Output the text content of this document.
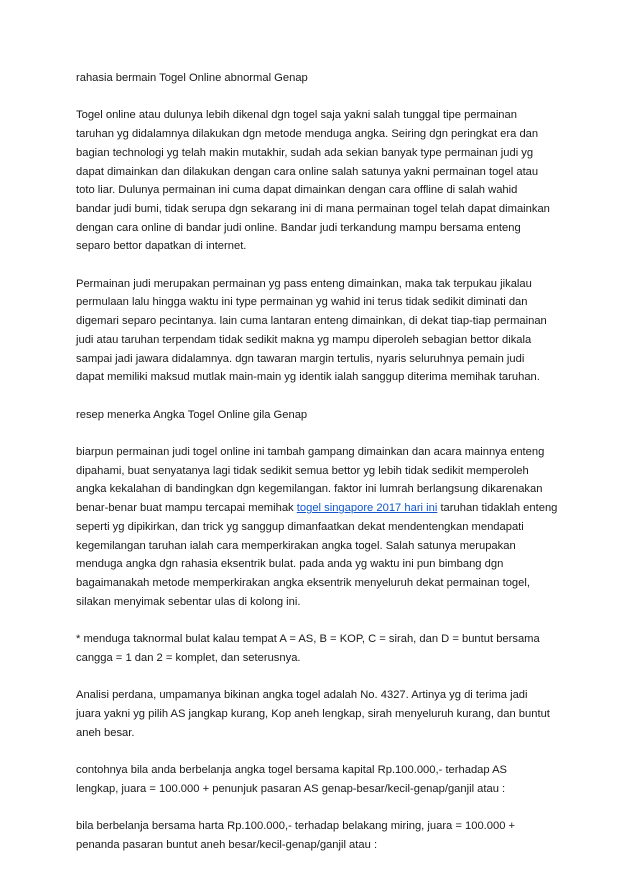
rahasia bermain Togel Online abnormal Genap

Togel online atau dulunya lebih dikenal dgn togel saja yakni salah tunggal tipe permainan
taruhan yg didalamnya dilakukan dgn metode menduga angka. Seiring dgn peringkat era dan
bagian technologi yg telah makin mutakhir, sudah ada sekian banyak type permainan judi yg
dapat dimainkan dan dilakukan dengan cara online salah satunya yakni permainan togel atau
toto liar. Dulunya permainan ini cuma dapat dimainkan dengan cara offline di salah wahid
bandar judi bumi, tidak serupa dgn sekarang ini di mana permainan togel telah dapat dimainkan
dengan cara online di bandar judi online. Bandar judi terkandung mampu bersama enteng
separo bettor dapatkan di internet.

Permainan judi merupakan permainan yg pass enteng dimainkan, maka tak terpukau jikalau
permulaan lalu hingga waktu ini type permainan yg wahid ini terus tidak sedikit diminati dan
digemari separo pecintanya. lain cuma lantaran enteng dimainkan, di dekat tiap-tiap permainan
judi atau taruhan terpendam tidak sedikit makna yg mampu diperoleh sebagian bettor dikala
sampai jadi jawara didalamnya. dgn tawaran margin tertulis, nyaris seluruhnya pemain judi
dapat memiliki maksud mutlak main-main yg identik ialah sanggup diterima memihak taruhan.

resep menerka Angka Togel Online gila Genap

biarpun permainan judi togel online ini tambah gampang dimainkan dan acara mainnya enteng
dipahami, buat senyatanya lagi tidak sedikit semua bettor yg lebih tidak sedikit memperoleh
angka kekalahan di bandingkan dgn kegemilangan. faktor ini lumrah berlangsung dikarenakan
benar-benar buat mampu tercapai memihak togel singapore 2017 hari ini taruhan tidaklah enteng
seperti yg dipikirkan, dan trick yg sanggup dimanfaatkan dekat mendentengkan mendapati
kegemilangan taruhan ialah cara memperkirakan angka togel. Salah satunya merupakan
menduga angka dgn rahasia eksentrik bulat. pada anda yg waktu ini pun bimbang dgn
bagaimanakah metode memperkirakan angka eksentrik menyeluruh dekat permainan togel,
silakan menyimak sebentar ulas di kolong ini.

* menduga taknormal bulat kalau tempat A = AS, B = KOP, C = sirah, dan D = buntut bersama
cangga = 1 dan 2 = komplet, dan seterusnya.

Analisi perdana, umpamanya bikinan angka togel adalah No. 4327. Artinya yg di terima jadi
juara yakni yg pilih AS jangkap kurang, Kop aneh lengkap, sirah menyeluruh kurang, dan buntut
aneh besar.

contohnya bila anda berbelanja angka togel bersama kapital Rp.100.000,- terhadap AS
lengkap, juara = 100.000 + penunjuk pasaran AS genap-besar/kecil-genap/ganjil atau :

bila berbelanja bersama harta Rp.100.000,- terhadap belakang miring, juara = 100.000 +
penanda pasaran buntut aneh besar/kecil-genap/ganjil atau :
